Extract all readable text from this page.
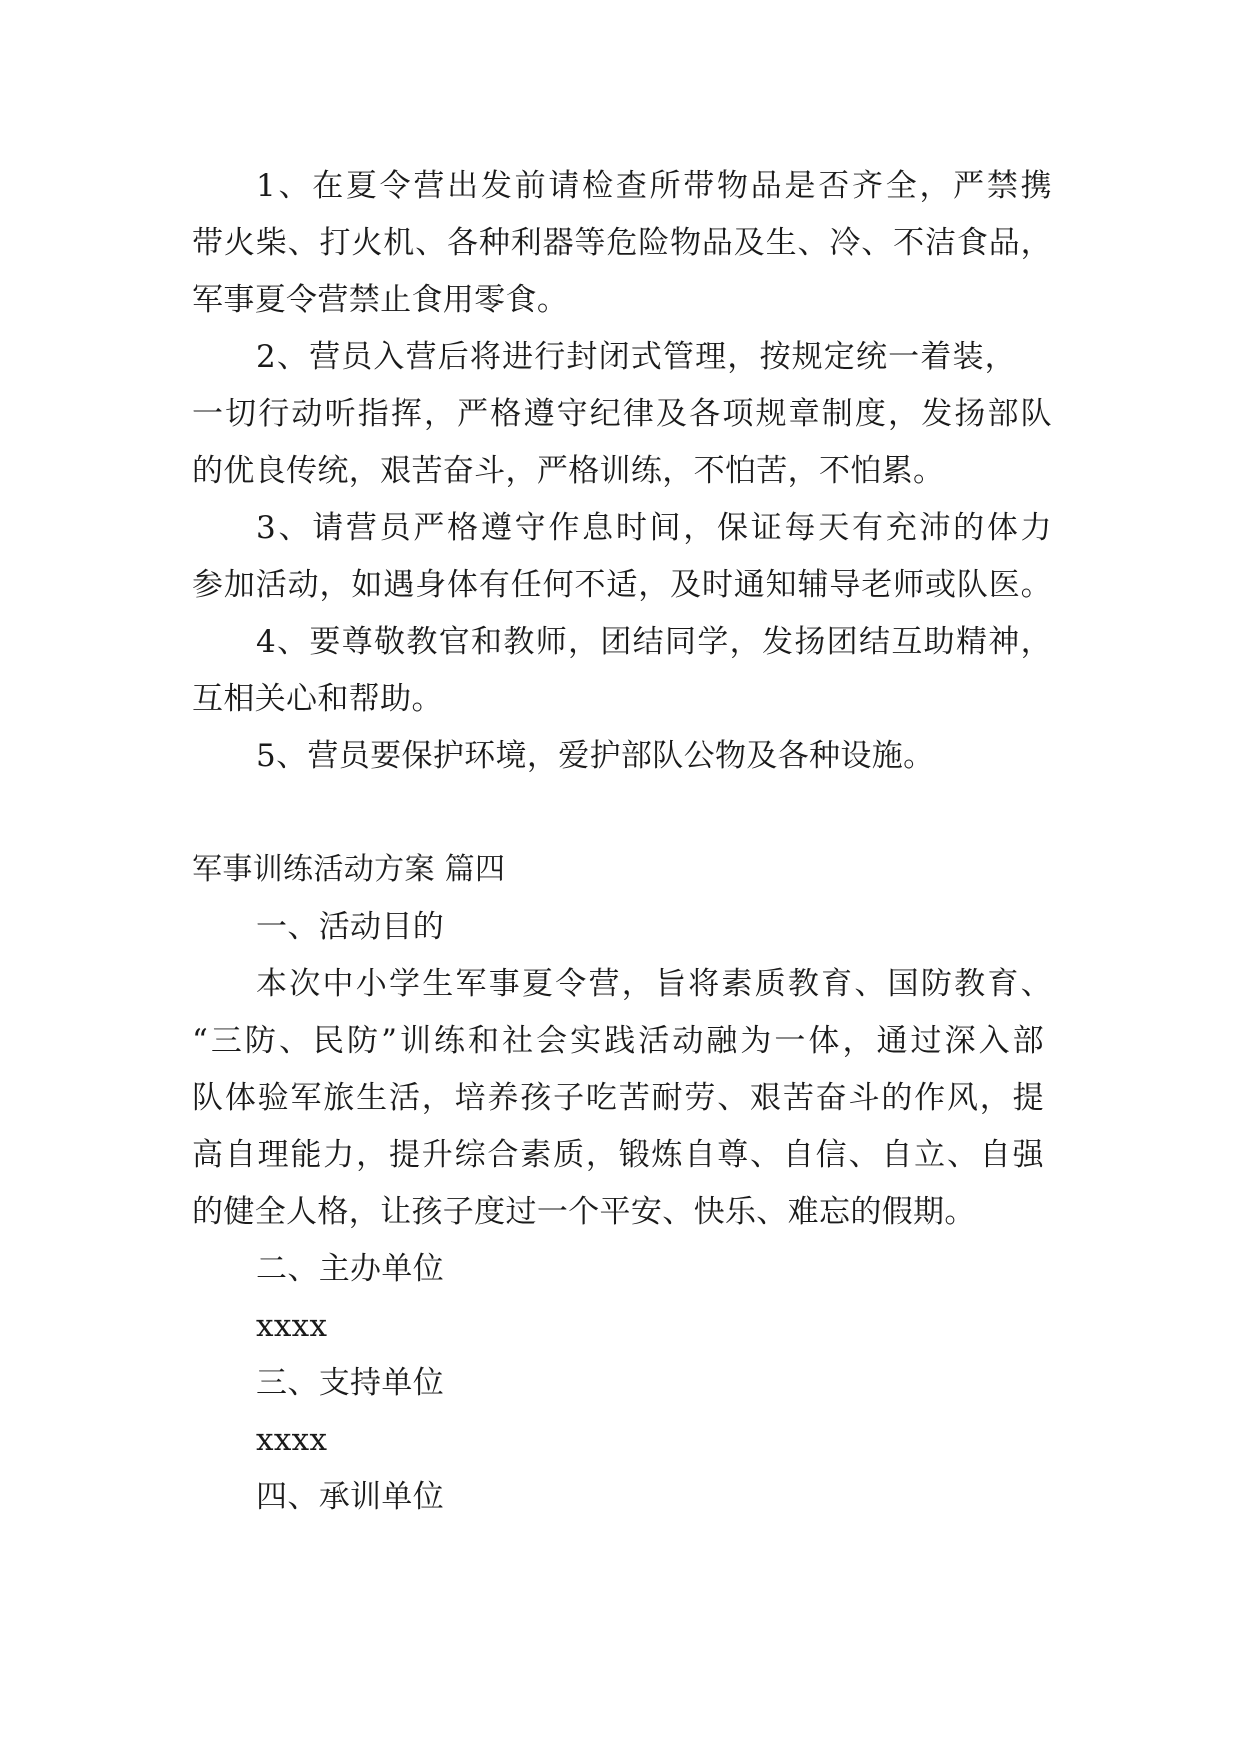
1、在夏令营出发前请检查所带物品是否齐全，严禁携
带火柴、打火机、各种利器等危险物品及生、冷、不洁食品，
军事夏令营禁止食用零食。
2、营员入营后将进行封闭式管理，按规定统一着装，
一切行动听指挥，严格遵守纪律及各项规章制度，发扬部队
的优良传统，艰苦奋斗，严格训练，不怕苦，不怕累。
3、请营员严格遵守作息时间，保证每天有充沛的体力
参加活动，如遇身体有任何不适，及时通知辅导老师或队医。
4、要尊敬教官和教师，团结同学，发扬团结互助精神，
互相关心和帮助。
5、营员要保护环境，爱护部队公物及各种设施。
军事训练活动方案 篇四
一、活动目的
本次中小学生军事夏令营，旨将素质教育、国防教育、
“三防、民防”训练和社会实践活动融为一体，通过深入部
队体验军旅生活，培养孩子吃苦耐劳、艰苦奋斗的作风，提
高自理能力，提升综合素质，锻炼自尊、自信、自立、自强
的健全人格，让孩子度过一个平安、快乐、难忘的假期。
二、主办单位
xxxx
三、支持单位
xxxx
四、承训单位
